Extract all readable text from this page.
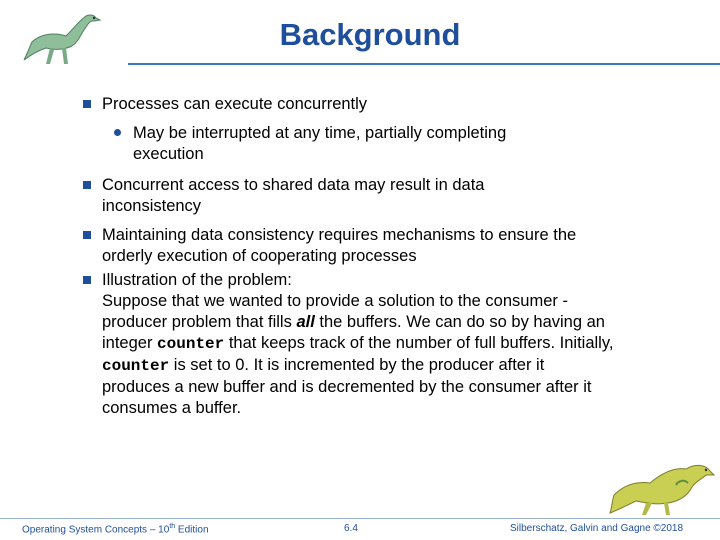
Background

Processes can execute concurrently

May be interrupted at any time, partially completing execution

Concurrent access to shared data may result in data inconsistency

Maintaining data consistency requires mechanisms to ensure the orderly execution of cooperating processes

Illustration of the problem:
Suppose that we wanted to provide a solution to the consumer -producer problem that fills all the buffers. We can do so by having an integer counter that keeps track of the number of full buffers. Initially, counter is set to 0. It is incremented by the producer after it produces a new buffer and is decremented by the consumer after it consumes a buffer.

Operating System Concepts – 10th Edition	6.4	Silberschatz, Galvin and Gagne ©2018
